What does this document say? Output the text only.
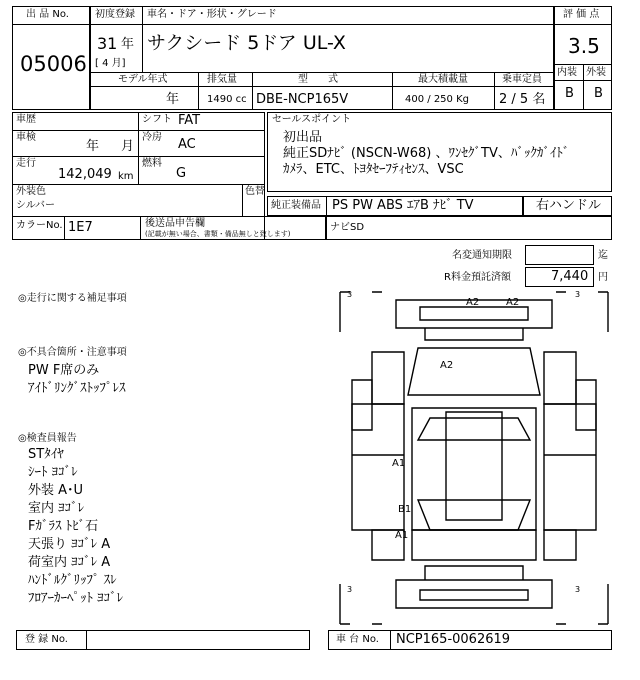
出 品 No.
05006
初度登録 車名・ドア・形状・グレード
31 年
[ 4 月]
サクシード 5ドア UL-X
モデル年式	排気量	型　　式	最大積載量	乗車定員
年	1490 cc DBE-NCP165V	400 / 250 Kg 2 / 5 名
評 価 点
3.5
内装 外装
B B
車歴	シフト FAT
車検
年 月
冷房 AC
走行
142,049 km
燃料
G
外装色
シルバー
色替
カラーNo. 1E7	後送品申告欄
(記載が無い場合、書類・備品無しと致します)
ナビSD
セールスポイント
初出品
純正SDﾅﾋﾞ (NSCN-W68) 、ﾜﾝｾｸﾞTV、ﾊﾞｯｸｶﾞｲﾄﾞ
ｶﾒﾗ、ETC、ﾄﾖﾀｾｰﾌﾃｨｾﾝｽ、VSC
純正装備品 PS PW ABS ｴｱB ﾅﾋﾞ TV	右ハンドル
名変通知期限	迄
R料金預託済額	7,440 円
◎走行に関する補足事項
◎不具合箇所・注意事項
PW F席のみ
ｱｲﾄﾞﾘﾝｸﾞｽﾄｯﾌﾟﾚｽ
◎検査員報告
STﾀｲﾔ
ｼｰﾄ ﾖｺﾞﾚ
外装 A･U
室内 ﾖｺﾞﾚ
Fｶﾞﾗｽ ﾄﾋﾞ石
天張り ﾖｺﾞﾚ A
荷室内 ﾖｺﾞﾚ A
ﾊﾝﾄﾞﾙｸﾞﾘｯﾌﾟ ｽﾚ
ﾌﾛｱｰｶｰﾍﾟｯﾄ ﾖｺﾞﾚ
3	3
3	3
A2	A2
A2
A1
B1
A1
登 録 No.	車 台 No. NCP165-0062619
